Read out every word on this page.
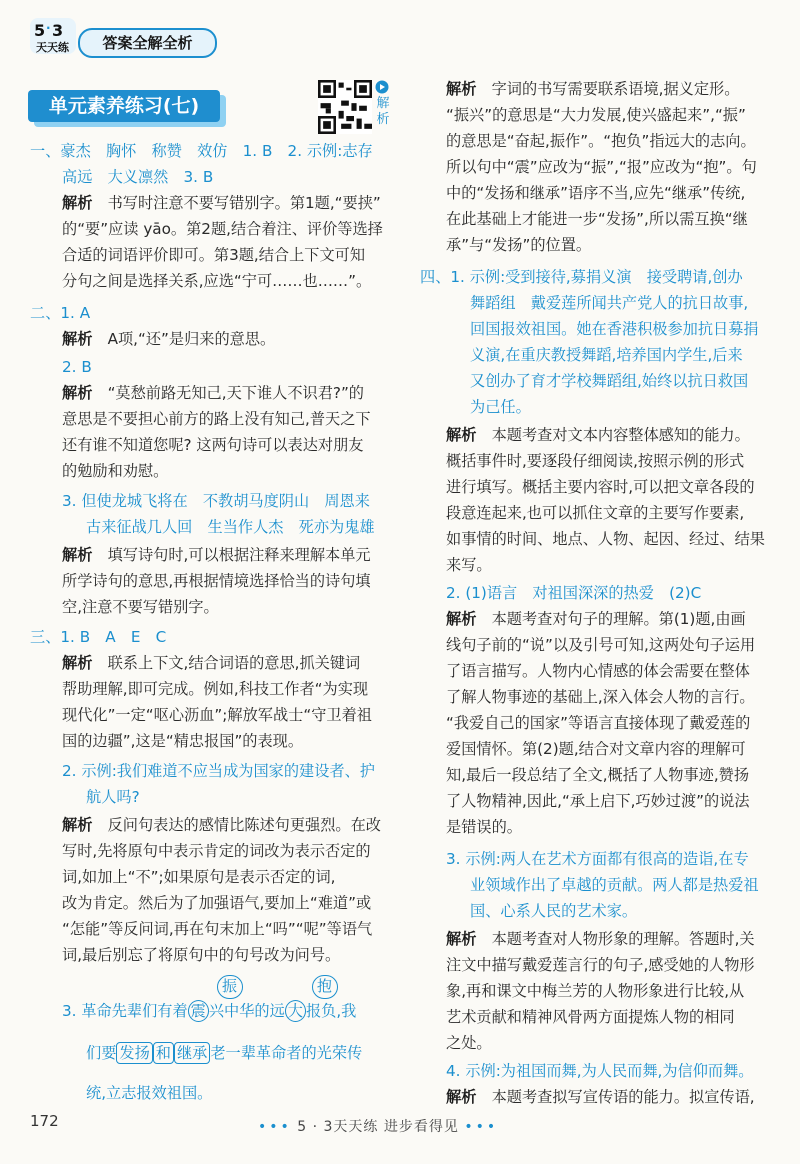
5 · 3
天天练	答案全解全析
单元素养练习(七)	解
析
一、豪杰　胸怀　称赞　效仿　1. B　2. 示例:志存
高远　大义凛然　3. B
解析　 书写时注意不要写错别字。第1题,“要挟”
的“要”应读 yāo。第2题,结合着注、评价等选择
合适的词语评价即可。第3题,结合上下文可知
分句之间是选择关系,应选“宁可……也……”。
二、1. A
解析　 A项,“还”是归来的意思。
2. B
解析　 “莫愁前路无知己,天下谁人不识君?”的
意思是不要担心前方的路上没有知己,普天之下
还有谁不知道您呢? 这两句诗可以表达对朋友
的勉励和劝慰。
3. 但使龙城飞将在　不教胡马度阴山　周恩来
古来征战几人回　生当作人杰　死亦为鬼雄
解析　 填写诗句时,可以根据注释来理解本单元
所学诗句的意思,再根据情境选择恰当的诗句填
空,注意不要写错别字。
三、1. B　A　E　C
解析　 联系上下文,结合词语的意思,抓关键词
帮助理解,即可完成。例如,科技工作者“为实现
现代化”一定“呕心沥血”;解放军战士“守卫着祖
国的边疆”,这是“精忠报国”的表现。
2. 示例:我们难道不应当成为国家的建设者、护
航人吗?
解析　 反问句表达的感情比陈述句更强烈。在改
写时,先将原句中表示肯定的词改为表示否定的
词,如加上“不”;如果原句是表示否定的词,
改为肯定。然后为了加强语气,要加上“难道”或
“怎能”等反问词,再在句末加上“吗”“呢”等语气
词,最后别忘了将原句中的句号改为问号。
振	抱
3. 革命先辈们有着 震 兴中华的远 大 报负,我
们要 发扬 和 继承 老一辈革命者的光荣传
统,立志报效祖国。
解析　 字词的书写需要联系语境,据义定形。
“振兴”的意思是“大力发展,使兴盛起来”,“振”
的意思是“奋起,振作”。“抱负”指远大的志向。
所以句中“震”应改为“振”,“报”应改为“抱”。句
中的“发扬和继承”语序不当,应先“继承”传统,
在此基础上才能进一步“发扬”,所以需互换“继
承”与“发扬”的位置。
四、1. 示例:受到接待,募捐义演　接受聘请,创办
舞蹈组　戴爱莲所闻共产党人的抗日故事,
回国报效祖国。她在香港积极参加抗日募捐
义演,在重庆教授舞蹈,培养国内学生,后来
又创办了育才学校舞蹈组,始终以抗日救国
为己任。
解析　 本题考查对文本内容整体感知的能力。
概括事件时,要逐段仔细阅读,按照示例的形式
进行填写。概括主要内容时,可以把文章各段的
段意连起来,也可以抓住文章的主要写作要素,
如事情的时间、地点、人物、起因、经过、结果
来写。
2. (1)语言　对祖国深深的热爱　(2)C
解析　 本题考查对句子的理解。第(1)题,由画
线句子前的“说”以及引号可知,这两处句子运用
了语言描写。人物内心情感的体会需要在整体
了解人物事迹的基础上,深入体会人物的言行。
“我爱自己的国家”等语言直接体现了戴爱莲的
爱国情怀。第(2)题,结合对文章内容的理解可
知,最后一段总结了全文,概括了人物事迹,赞扬
了人物精神,因此,“承上启下,巧妙过渡”的说法
是错误的。
3. 示例:两人在艺术方面都有很高的造诣,在专
业领域作出了卓越的贡献。两人都是热爱祖
国、心系人民的艺术家。
解析　 本题考查对人物形象的理解。答题时,关
注文中描写戴爱莲言行的句子,感受她的人物形
象,再和课文中梅兰芳的人物形象进行比较,从
艺术贡献和精神风骨两方面提炼人物的相同
之处。
4. 示例:为祖国而舞,为人民而舞,为信仰而舞。
解析　 本题考查拟写宣传语的能力。拟宣传语,
172	••• 5 · 3天天练 进步看得见 •••
